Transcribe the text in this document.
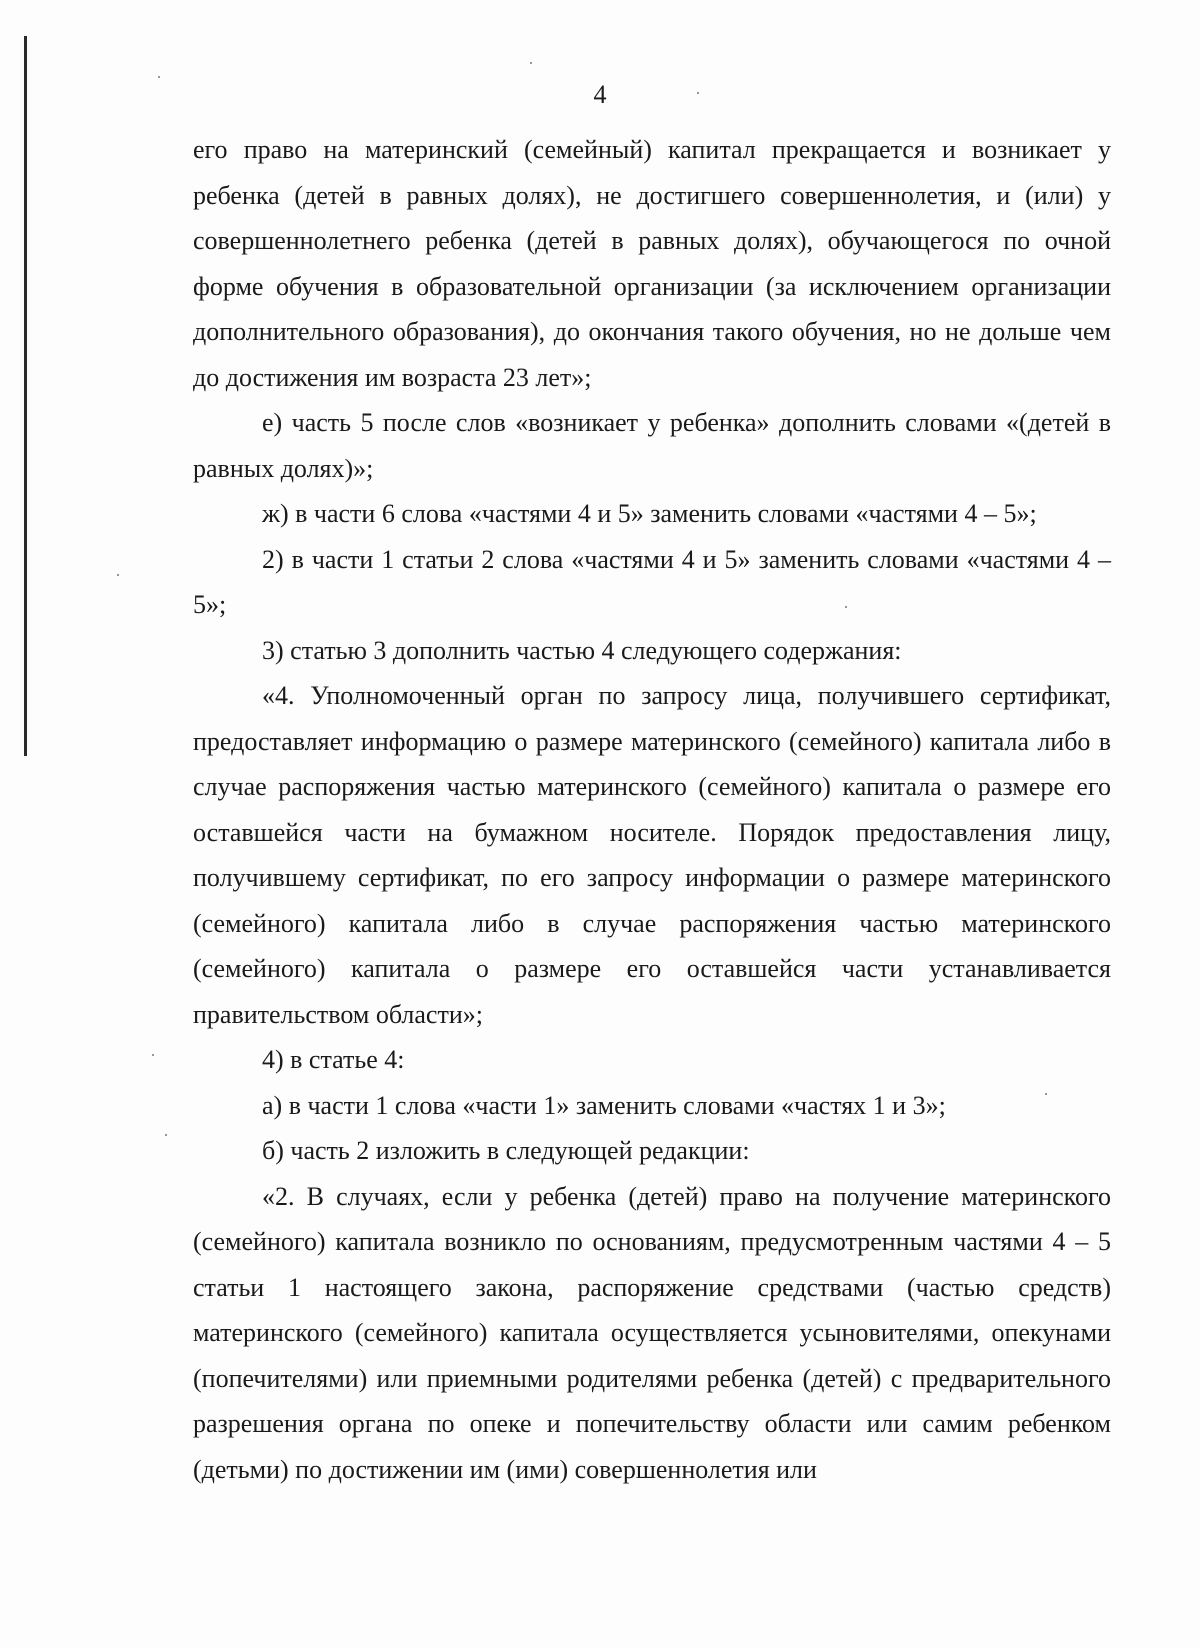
4

его право на материнский (семейный) капитал прекращается и возникает у ребенка (детей в равных долях), не достигшего совершеннолетия, и (или) у совершеннолетнего ребенка (детей в равных долях), обучающегося по очной форме обучения в образовательной организации (за исключением организации дополнительного образования), до окончания такого обучения, но не дольше чем до достижения им возраста 23 лет»;

е) часть 5 после слов «возникает у ребенка» дополнить словами «(детей в равных долях)»;

ж) в части 6 слова «частями 4 и 5» заменить словами «частями 4 – 5»;

2) в части 1 статьи 2 слова «частями 4 и 5» заменить словами «частями 4 – 5»;

3) статью 3 дополнить частью 4 следующего содержания:

«4. Уполномоченный орган по запросу лица, получившего сертификат, предоставляет информацию о размере материнского (семейного) капитала либо в случае распоряжения частью материнского (семейного) капитала о размере его оставшейся части на бумажном носителе. Порядок предоставления лицу, получившему сертификат, по его запросу информации о размере материнского (семейного) капитала либо в случае распоряжения частью материнского (семейного) капитала о размере его оставшейся части устанавливается правительством области»;

4) в статье 4:

а) в части 1 слова «части 1» заменить словами «частях 1 и 3»;

б) часть 2 изложить в следующей редакции:

«2. В случаях, если у ребенка (детей) право на получение материнского (семейного) капитала возникло по основаниям, предусмотренным частями 4 – 5 статьи 1 настоящего закона, распоряжение средствами (частью средств) материнского (семейного) капитала осуществляется усыновителями, опекунами (попечителями) или приемными родителями ребенка (детей) с предварительного разрешения органа по опеке и попечительству области или самим ребенком (детьми) по достижении им (ими) совершеннолетия или
